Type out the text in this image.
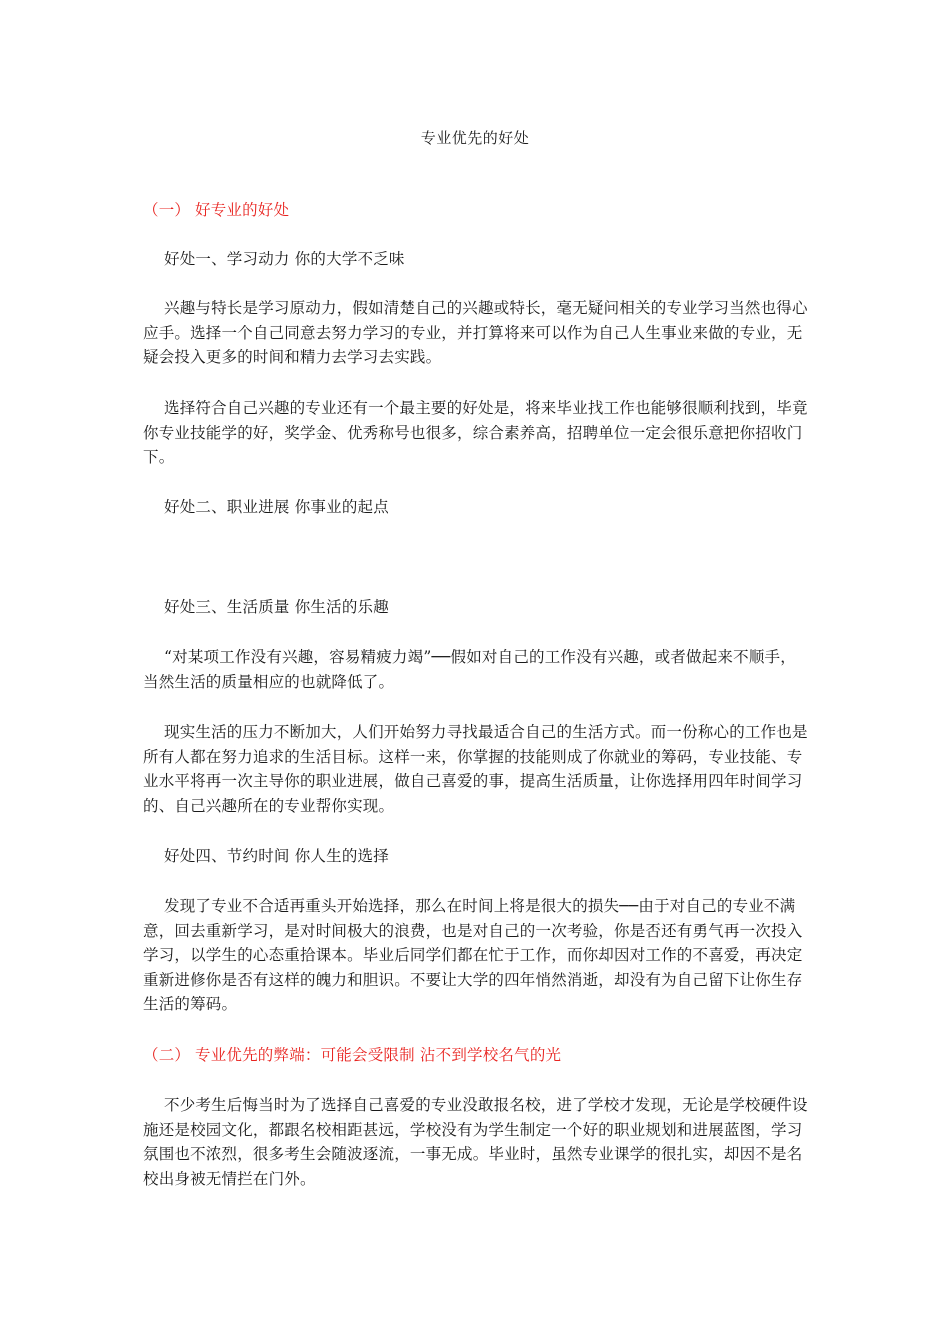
专业优先的好处
（一） 好专业的好处
好处一、学习动力 你的大学不乏味

兴趣与特长是学习原动力，假如清楚自己的兴趣或特长，毫无疑问相关的专业学习当然也得心应手。选择一个自己同意去努力学习的专业，并打算将来可以作为自己人生事业来做的专业，无疑会投入更多的时间和精力去学习去实践。

选择符合自己兴趣的专业还有一个最主要的好处是，将来毕业找工作也能够很顺利找到，毕竟你专业技能学的好，奖学金、优秀称号也很多，综合素养高，招聘单位一定会很乐意把你招收门下。

好处二、职业进展 你事业的起点
好处三、生活质量 你生活的乐趣

“对某项工作没有兴趣，容易精疲力竭”──假如对自己的工作没有兴趣，或者做起来不顺手，当然生活的质量相应的也就降低了。

现实生活的压力不断加大，人们开始努力寻找最适合自己的生活方式。而一份称心的工作也是所有人都在努力追求的生活目标。这样一来，你掌握的技能则成了你就业的筹码，专业技能、专业水平将再一次主导你的职业进展，做自己喜爱的事，提高生活质量，让你选择用四年时间学习的、自己兴趣所在的专业帮你实现。

好处四、节约时间 你人生的选择

发现了专业不合适再重头开始选择，那么在时间上将是很大的损失──由于对自己的专业不满意，回去重新学习，是对时间极大的浪费，也是对自己的一次考验，你是否还有勇气再一次投入学习，以学生的心态重拾课本。毕业后同学们都在忙于工作，而你却因对工作的不喜爱，再决定重新进修你是否有这样的魄力和胆识。不要让大学的四年悄然消逝，却没有为自己留下让你生存生活的筹码。

（二） 专业优先的弊端：可能会受限制 沾不到学校名气的光

不少考生后悔当时为了选择自己喜爱的专业没敢报名校，进了学校才发现，无论是学校硬件设施还是校园文化，都跟名校相距甚远，学校没有为学生制定一个好的职业规划和进展蓝图，学习氛围也不浓烈，很多考生会随波逐流，一事无成。毕业时，虽然专业课学的很扎实，却因不是名校出身被无情拦在门外。
